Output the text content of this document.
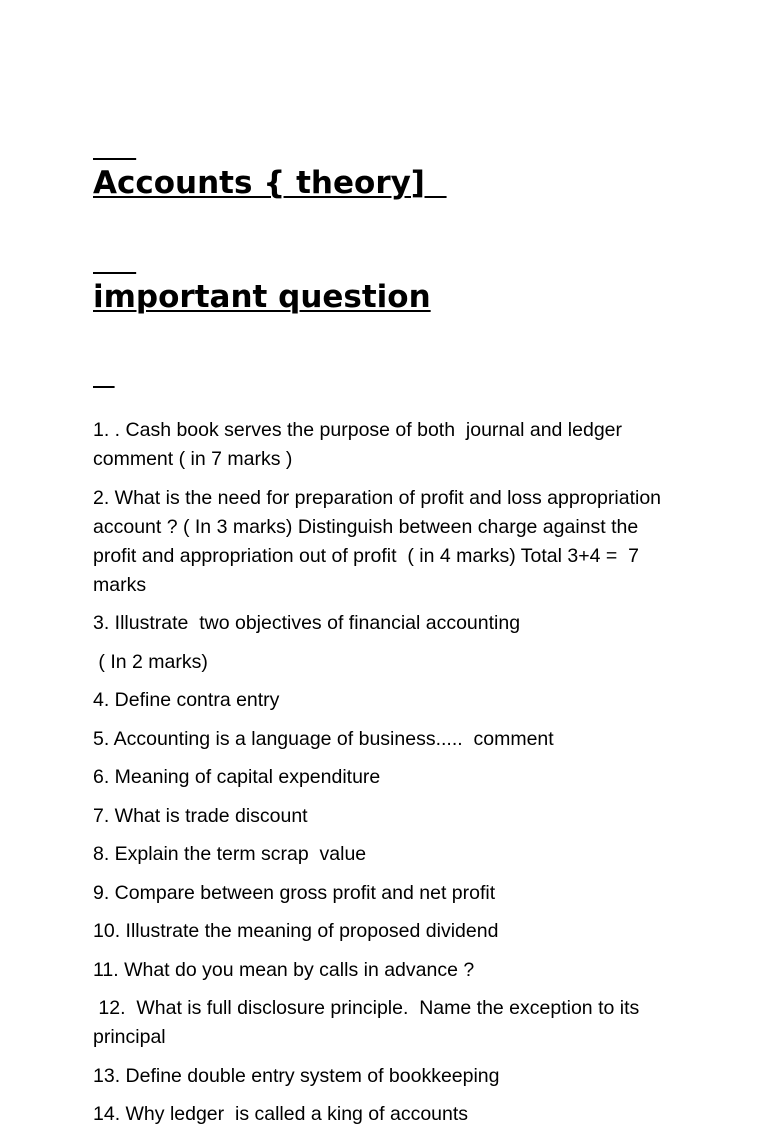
Accounts { theory]

important question

1. . Cash book serves the purpose of both  journal and ledger comment ( in 7 marks )

2. What is the need for preparation of profit and loss appropriation account ? ( In 3 marks) Distinguish between charge against the profit and appropriation out of profit  ( in 4 marks) Total 3+4 =  7 marks

3. Illustrate  two objectives of financial accounting

( In 2 marks)

4. Define contra entry

5. Accounting is a language of business.....  comment

6. Meaning of capital expenditure

7. What is trade discount

8. Explain the term scrap  value

9. Compare between gross profit and net profit

10. Illustrate the meaning of proposed dividend

11. What do you mean by calls in advance ?

12.  What is full disclosure principle.  Name the exception to its principal

13. Define double entry system of bookkeeping

14. Why ledger  is called a king of accounts
